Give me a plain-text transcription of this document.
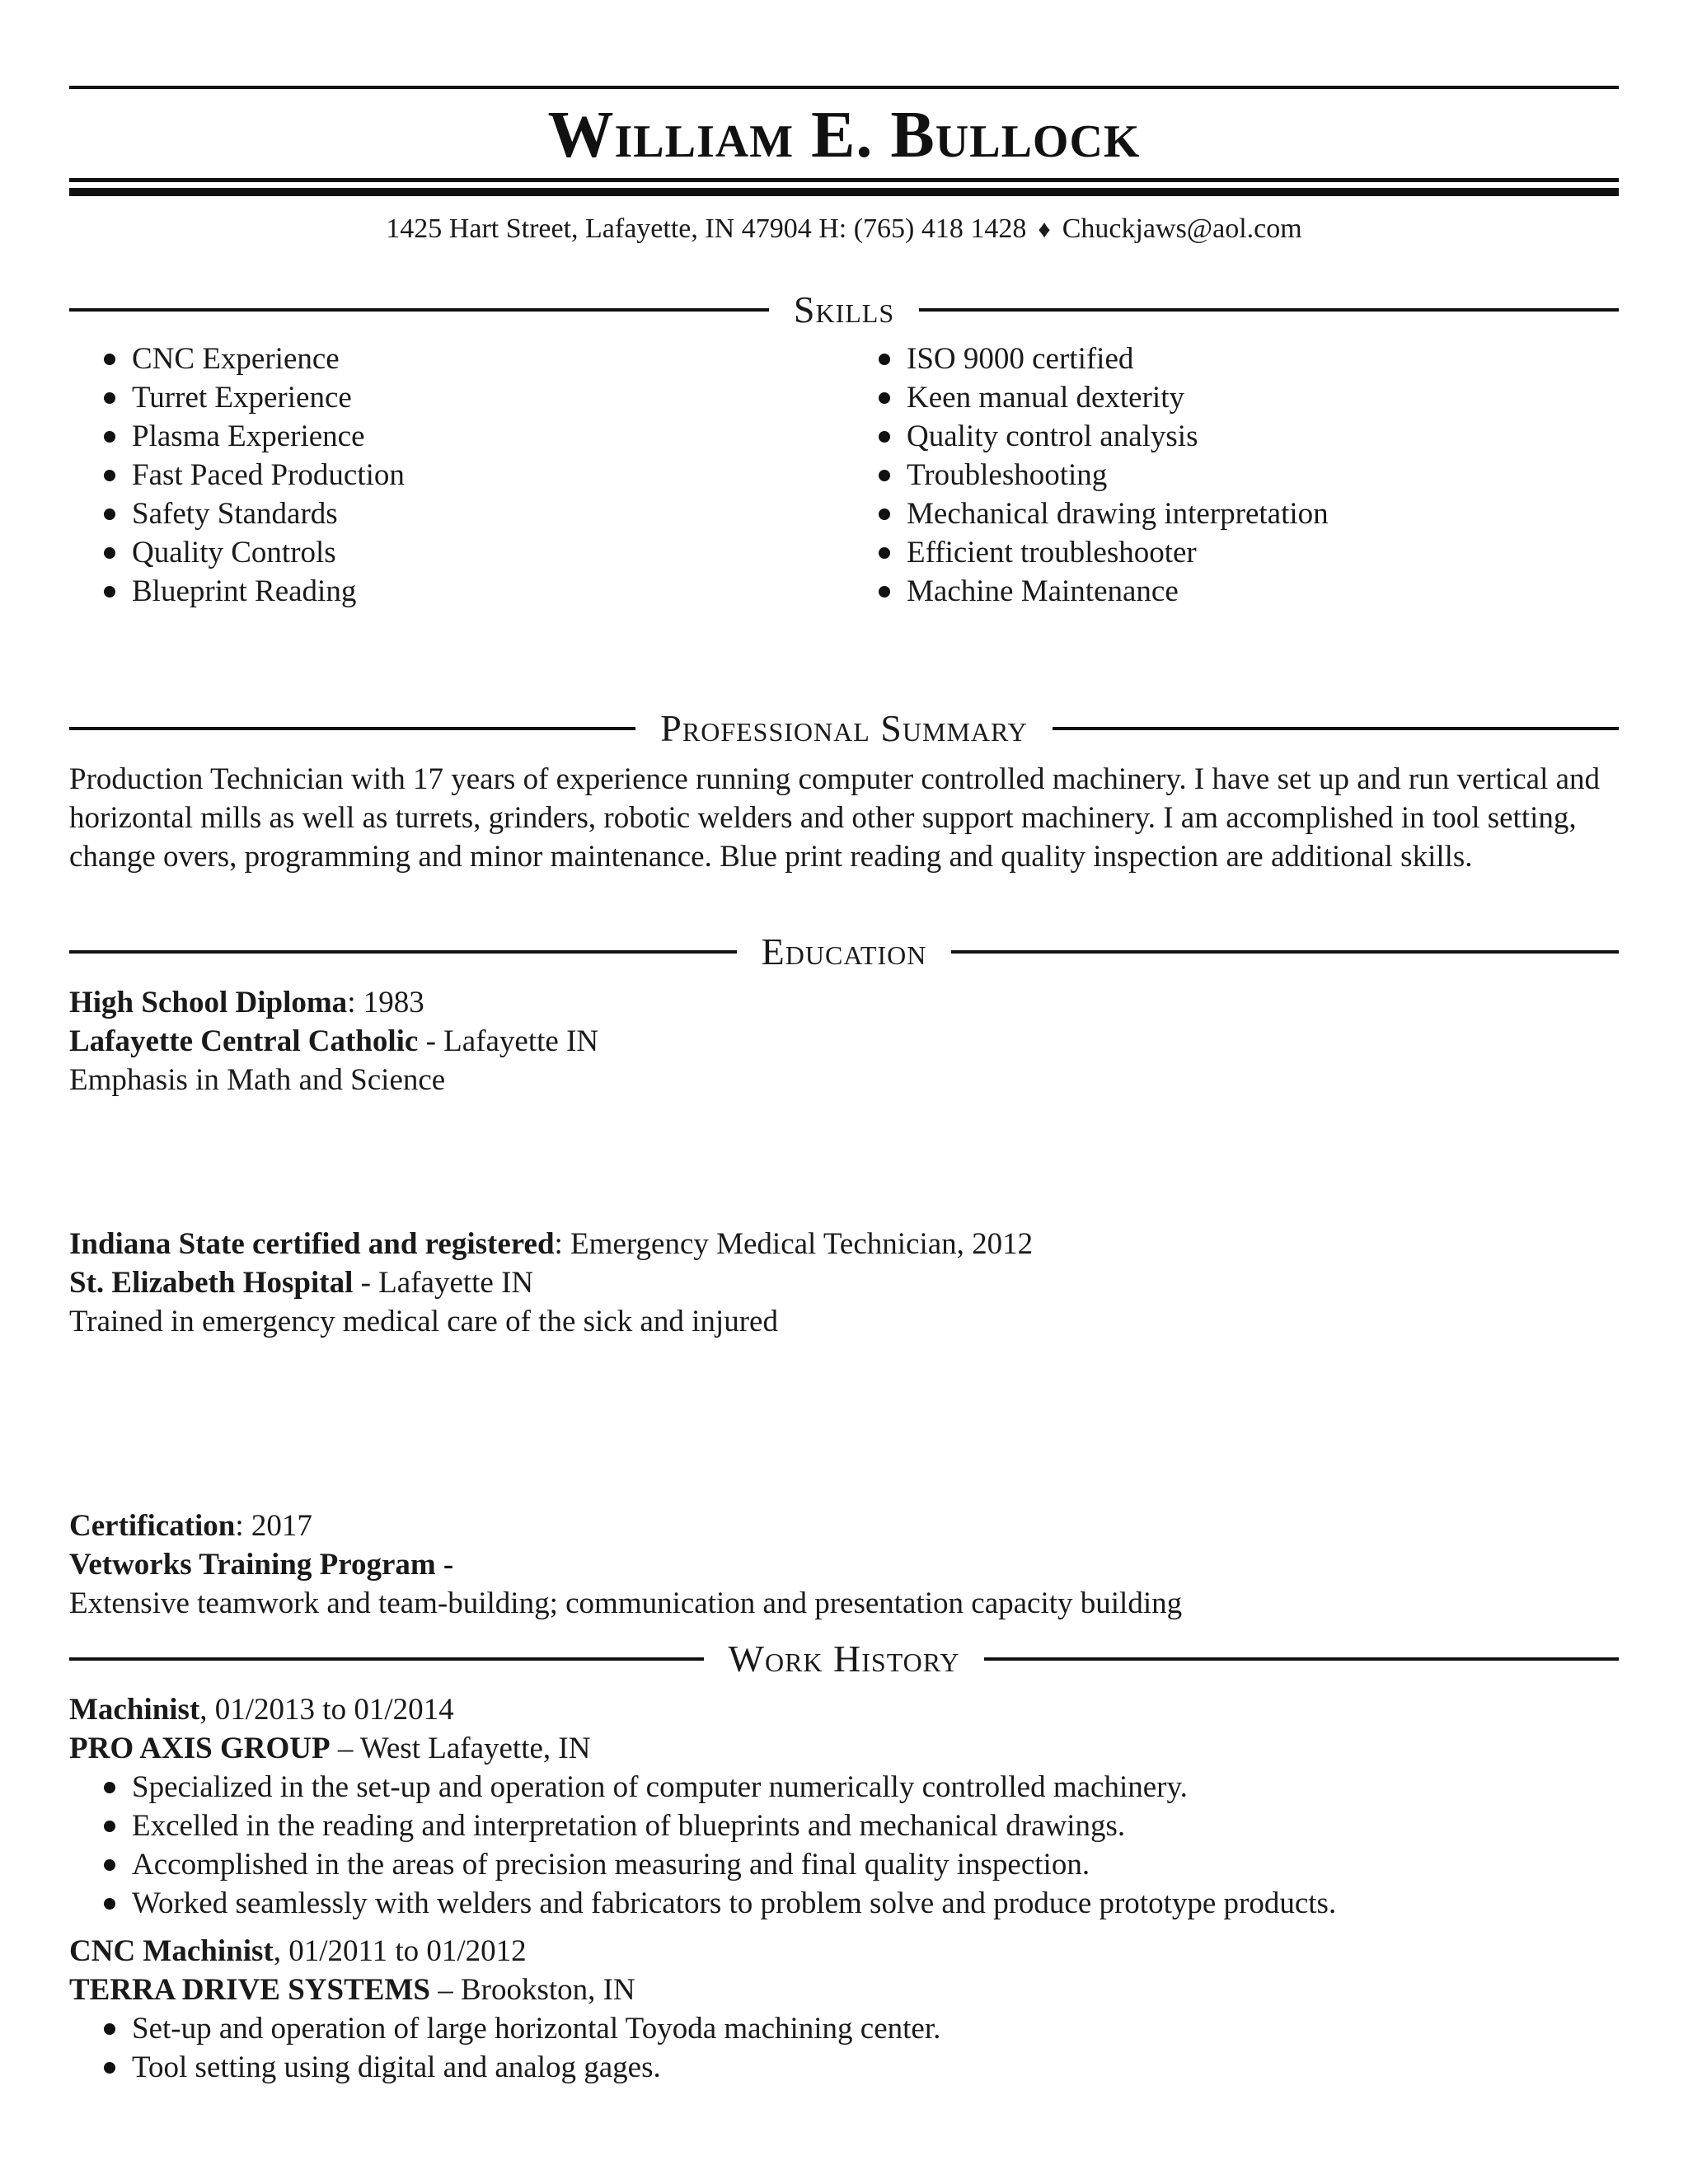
William E. Bullock
1425 Hart Street, Lafayette, IN 47904 H: (765) 418 1428 ♦ Chuckjaws@aol.com
Skills
CNC Experience
Turret Experience
Plasma Experience
Fast Paced Production
Safety Standards
Quality Controls
Blueprint Reading
ISO 9000 certified
Keen manual dexterity
Quality control analysis
Troubleshooting
Mechanical drawing interpretation
Efficient troubleshooter
Machine Maintenance
Professional Summary
Production Technician with 17 years of experience running computer controlled machinery. I have set up and run vertical and horizontal mills as well as turrets, grinders, robotic welders and other support machinery. I am accomplished in tool setting, change overs, programming and minor maintenance. Blue print reading and quality inspection are additional skills.
Education
High School Diploma: 1983
Lafayette Central Catholic - Lafayette IN
Emphasis in Math and Science
Indiana State certified and registered: Emergency Medical Technician, 2012
St. Elizabeth Hospital - Lafayette IN
Trained in emergency medical care of the sick and injured
Certification: 2017
Vetworks Training Program -
Extensive teamwork and team-building; communication and presentation capacity building
Work History
Machinist, 01/2013 to 01/2014
PRO AXIS GROUP – West Lafayette, IN
Specialized in the set-up and operation of computer numerically controlled machinery.
Excelled in the reading and interpretation of blueprints and mechanical drawings.
Accomplished in the areas of precision measuring and final quality inspection.
Worked seamlessly with welders and fabricators to problem solve and produce prototype products.
CNC Machinist, 01/2011 to 01/2012
TERRA DRIVE SYSTEMS – Brookston, IN
Set-up and operation of large horizontal Toyoda machining center.
Tool setting using digital and analog gages.
